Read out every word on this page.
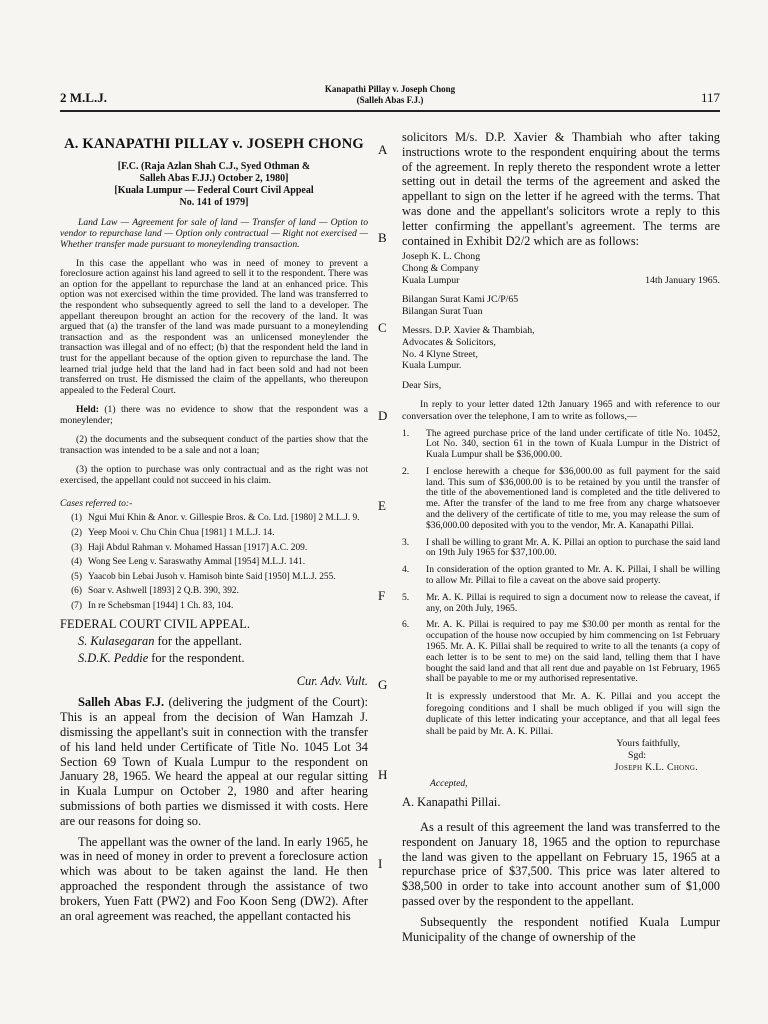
2 M.L.J.
Kanapathi Pillay v. Joseph Chong
(Salleh Abas F.J.)	117
A
B
C
D
E
F
G
H
I
A. KANAPATHI PILLAY v. JOSEPH CHONG
[F.C. (Raja Azlan Shah C.J., Syed Othman &
Salleh Abas F.JJ.) October 2, 1980]
[Kuala Lumpur — Federal Court Civil Appeal
No. 141 of 1979]
Land Law — Agreement for sale of land — Transfer of land — Option to vendor to repurchase land — Option only contractual — Right not exercised — Whether transfer made pursuant to moneylending transaction.
In this case the appellant who was in need of money to prevent a foreclosure action against his land agreed to sell it to the respondent. There was an option for the appellant to repurchase the land at an enhanced price. This option was not exercised within the time provided. The land was transferred to the respondent who subsequently agreed to sell the land to a developer. The appellant thereupon brought an action for the recovery of the land. It was argued that (a) the transfer of the land was made pursuant to a moneylending transaction and as the respondent was an unlicensed moneylender the transaction was illegal and of no effect; (b) that the respondent held the land in trust for the appellant because of the option given to repurchase the land. The learned trial judge held that the land had in fact been sold and had not been transferred on trust. He dismissed the claim of the appellants, who thereupon appealed to the Federal Court.
Held: (1) there was no evidence to show that the respondent was a moneylender;
(2) the documents and the subsequent conduct of the parties show that the transaction was intended to be a sale and not a loan;
(3) the option to purchase was only contractual and as the right was not exercised, the appellant could not succeed in his claim.
Cases referred to:-
(1) Ngui Mui Khin & Anor. v. Gillespie Bros. & Co. Ltd. [1980] 2 M.L.J. 9.
(2) Yeep Mooi v. Chu Chin Chua [1981] 1 M.L.J. 14.
(3) Haji Abdul Rahman v. Mohamed Hassan [1917] A.C. 209.
(4) Wong See Leng v. Saraswathy Ammal [1954] M.L.J. 141.
(5) Yaacob bin Lebai Jusoh v. Hamisoh binte Said [1950] M.L.J. 255.
(6) Soar v. Ashwell [1893] 2 Q.B. 390, 392.
(7) In re Schebsman [1944] 1 Ch. 83, 104.
FEDERAL COURT CIVIL APPEAL.
S. Kulasegaran for the appellant.
S.D.K. Peddie for the respondent.
Cur. Adv. Vult.

Salleh Abas F.J. (delivering the judgment of the Court): This is an appeal from the decision of Wan Hamzah J. dismissing the appellant's suit in connection with the transfer of his land held under Certificate of Title No. 1045 Lot 34 Section 69 Town of Kuala Lumpur to the respondent on January 28, 1965. We heard the appeal at our regular sitting in Kuala Lumpur on October 2, 1980 and after hearing submissions of both parties we dismissed it with costs. Here are our reasons for doing so.

The appellant was the owner of the land. In early 1965, he was in need of money in order to prevent a foreclosure action which was about to be taken against the land. He then approached the respondent through the assistance of two brokers, Yuen Fatt (PW2) and Foo Koon Seng (DW2). After an oral agreement was reached, the appellant contacted his

solicitors M/s. D.P. Xavier & Thambiah who after taking instructions wrote to the respondent enquiring about the terms of the agreement. In reply thereto the respondent wrote a letter setting out in detail the terms of the agreement and asked the appellant to sign on the letter if he agreed with the terms. That was done and the appellant's solicitors wrote a reply to this letter confirming the appellant's agreement. The terms are contained in Exhibit D2/2 which are as follows:

Joseph K. L. Chong

Chong & Company

Kuala Lumpur	14th January 1965.

Bilangan Surat Kami JC/P/65

Bilangan Surat Tuan

Messrs. D.P. Xavier & Thambiah,

Advocates & Solicitors,

No. 4 Klyne Street,

Kuala Lumpur.

Dear Sirs,

In reply to your letter dated 12th January 1965 and with reference to our conversation over the telephone, I am to write as follows,—

1.	The agreed purchase price of the land under certificate of title No. 10452, Lot No. 340, section 61 in the town of Kuala Lumpur in the District of Kuala Lumpur shall be $36,000.00.
2.	I enclose herewith a cheque for $36,000.00 as full payment for the said land. This sum of $36,000.00 is to be retained by you until the transfer of the title of the abovementioned land is completed and the title delivered to me. After the transfer of the land to me free from any charge whatsoever and the delivery of the certificate of title to me, you may release the sum of $36,000.00 deposited with you to the vendor, Mr. A. Kanapathi Pillai.
3.	I shall be willing to grant Mr. A. K. Pillai an option to purchase the said land on 19th July 1965 for $37,100.00.
4.	In consideration of the option granted to Mr. A. K. Pillai, I shall be willing to allow Mr. Pillai to file a caveat on the above said property.
5.	Mr. A. K. Pillai is required to sign a document now to release the caveat, if any, on 20th July, 1965.
6.	Mr. A. K. Pillai is required to pay me $30.00 per month as rental for the occupation of the house now occupied by him commencing on 1st February 1965. Mr. A. K. Pillai shall be required to write to all the tenants (a copy of each letter is to be sent to me) on the said land, telling them that I have bought the said land and that all rent due and payable on 1st February, 1965 shall be payable to me or my authorised representative.

It is expressly understood that Mr. A. K. Pillai and you accept the foregoing conditions and I shall be much obliged if you will sign the duplicate of this letter indicating your acceptance, and that all legal fees shall be paid by Mr. A. K. Pillai.

Yours faithfully,
Sgd:
Joseph K.L. Chong.
Accepted,

A. Kanapathi Pillai.

As a result of this agreement the land was transferred to the respondent on January 18, 1965 and the option to repurchase the land was given to the appellant on February 15, 1965 at a repurchase price of $37,500. This price was later altered to $38,500 in order to take into account another sum of $1,000 passed over by the respondent to the appellant.

Subsequently the respondent notified Kuala Lumpur Municipality of the change of ownership of the
